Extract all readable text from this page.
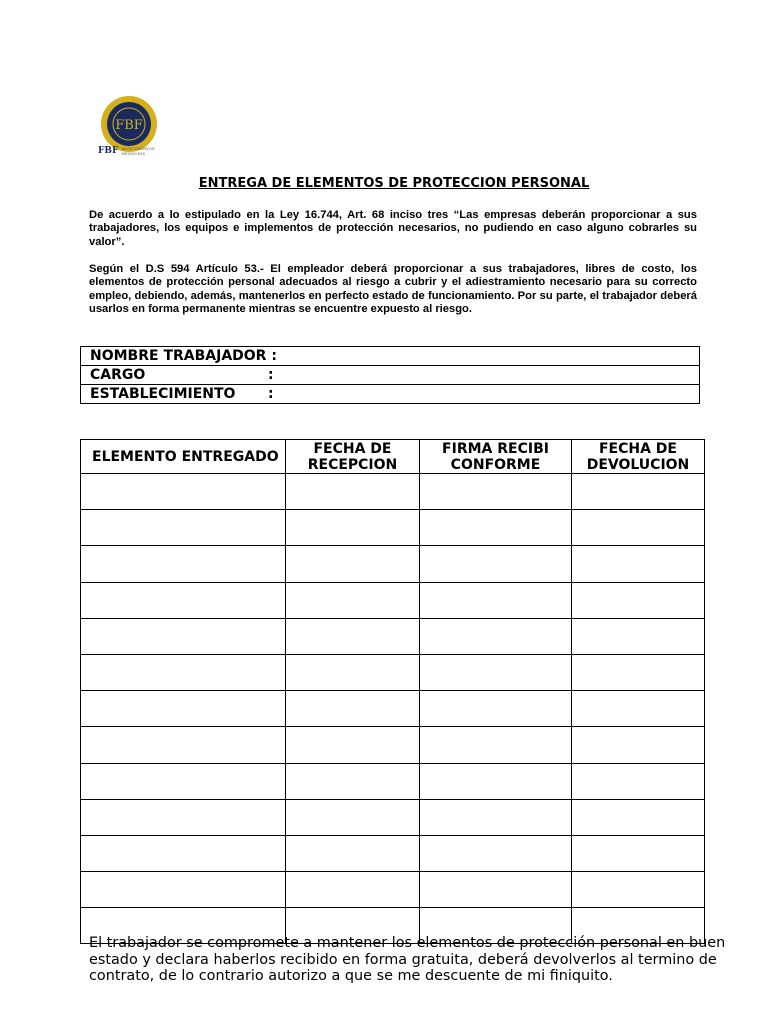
FBF
FBF ALGO DISEÑOS NEGOCIOS
ENTREGA DE ELEMENTOS DE PROTECCION PERSONAL
De acuerdo a lo estipulado en la Ley 16.744, Art. 68 inciso tres “Las empresas deberán proporcionar a sus trabajadores, los equipos e implementos de protección necesarios, no pudiendo en caso alguno cobrarles su valor”.
Según el D.S 594 Artículo 53.- El empleador deberá proporcionar a sus trabajadores, libres de costo, los elementos de protección personal adecuados al riesgo a cubrir y el adiestramiento necesario para su correcto empleo, debiendo, además, mantenerlos en perfecto estado de funcionamiento. Por su parte, el trabajador deberá usarlos en forma permanente mientras se encuentre expuesto al riesgo.
NOMBRE TRABAJADOR :
CARGO	:
ESTABLECIMIENTO :
ELEMENTO ENTREGADO	FECHA DE RECEPCION	FIRMA RECIBI CONFORME	FECHA DE DEVOLUCION

El trabajador se compromete a mantener los elementos de protección personal en buen estado y declara haberlos recibido en forma gratuita, deberá devolverlos al termino de contrato, de lo contrario autorizo a que se me descuente de mi finiquito.
